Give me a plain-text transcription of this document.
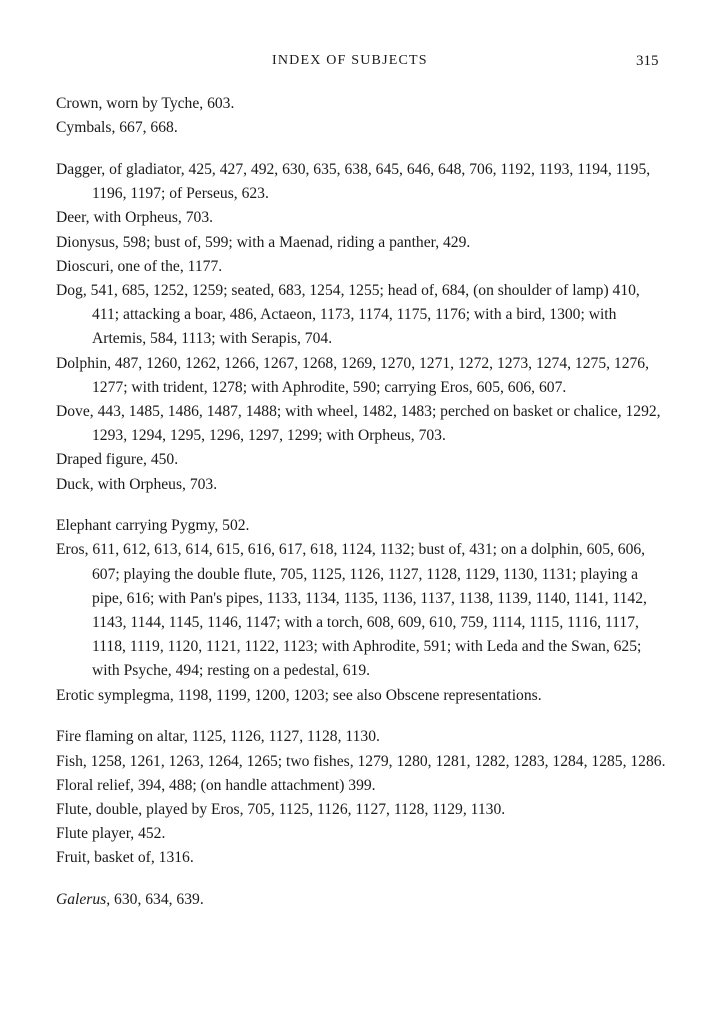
INDEX OF SUBJECTS	315

Crown, worn by Tyche, 603.

Cymbals, 667, 668.

Dagger, of gladiator, 425, 427, 492, 630, 635, 638, 645, 646, 648, 706, 1192, 1193, 1194, 1195, 1196, 1197; of Perseus, 623.

Deer, with Orpheus, 703.

Dionysus, 598; bust of, 599; with a Maenad, riding a panther, 429.

Dioscuri, one of the, 1177.

Dog, 541, 685, 1252, 1259; seated, 683, 1254, 1255; head of, 684, (on shoulder of lamp) 410, 411; attacking a boar, 486, Actaeon, 1173, 1174, 1175, 1176; with a bird, 1300; with Artemis, 584, 1113; with Serapis, 704.

Dolphin, 487, 1260, 1262, 1266, 1267, 1268, 1269, 1270, 1271, 1272, 1273, 1274, 1275, 1276, 1277; with trident, 1278; with Aphrodite, 590; carrying Eros, 605, 606, 607.

Dove, 443, 1485, 1486, 1487, 1488; with wheel, 1482, 1483; perched on basket or chalice, 1292, 1293, 1294, 1295, 1296, 1297, 1299; with Orpheus, 703.

Draped figure, 450.

Duck, with Orpheus, 703.

Elephant carrying Pygmy, 502.

Eros, 611, 612, 613, 614, 615, 616, 617, 618, 1124, 1132; bust of, 431; on a dolphin, 605, 606, 607; playing the double flute, 705, 1125, 1126, 1127, 1128, 1129, 1130, 1131; playing a pipe, 616; with Pan's pipes, 1133, 1134, 1135, 1136, 1137, 1138, 1139, 1140, 1141, 1142, 1143, 1144, 1145, 1146, 1147; with a torch, 608, 609, 610, 759, 1114, 1115, 1116, 1117, 1118, 1119, 1120, 1121, 1122, 1123; with Aphrodite, 591; with Leda and the Swan, 625; with Psyche, 494; resting on a pedestal, 619.

Erotic symplegma, 1198, 1199, 1200, 1203; see also Obscene representations.

Fire flaming on altar, 1125, 1126, 1127, 1128, 1130.

Fish, 1258, 1261, 1263, 1264, 1265; two fishes, 1279, 1280, 1281, 1282, 1283, 1284, 1285, 1286.

Floral relief, 394, 488; (on handle attachment) 399.

Flute, double, played by Eros, 705, 1125, 1126, 1127, 1128, 1129, 1130.

Flute player, 452.

Fruit, basket of, 1316.

Galerus, 630, 634, 639.
